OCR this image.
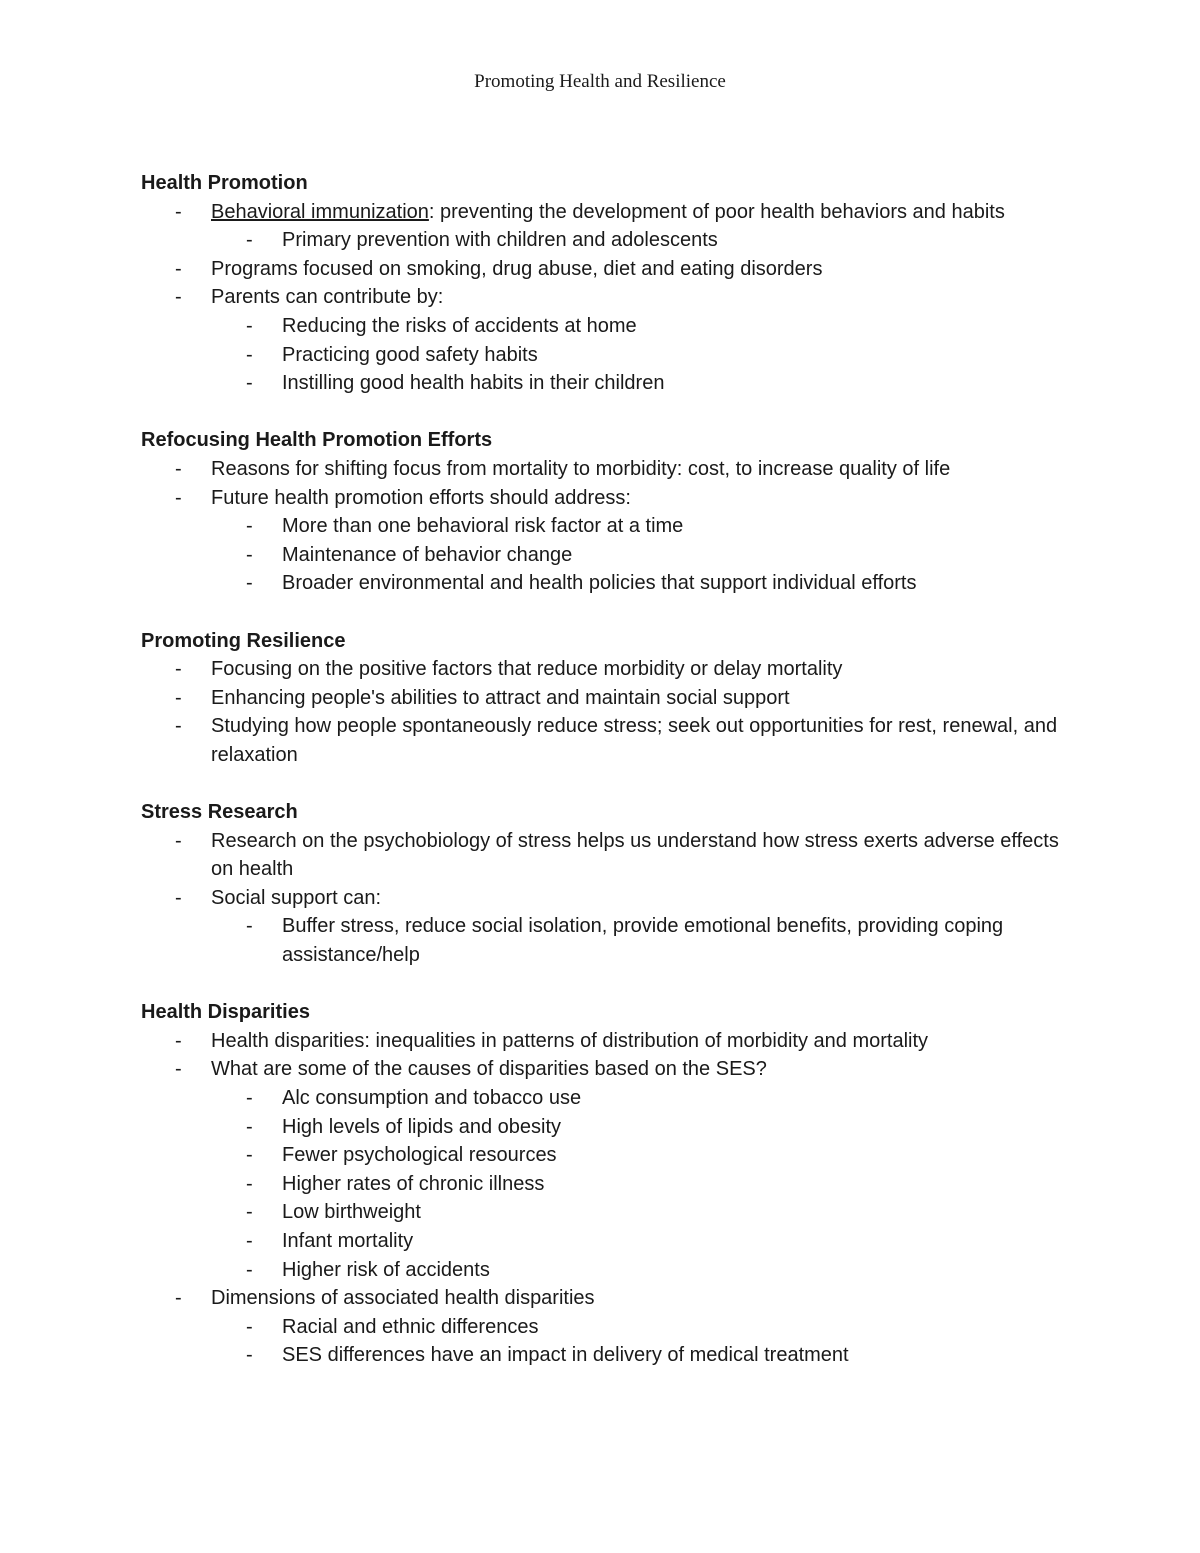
Promoting Health and Resilience

Health Promotion

- Behavioral immunization: preventing the development of poor health behaviors and habits
- Primary prevention with children and adolescents
- Programs focused on smoking, drug abuse, diet and eating disorders
- Parents can contribute by:
- Reducing the risks of accidents at home
- Practicing good safety habits
- Instilling good health habits in their children

Refocusing Health Promotion Efforts

- Reasons for shifting focus from mortality to morbidity: cost, to increase quality of life
- Future health promotion efforts should address:
- More than one behavioral risk factor at a time
- Maintenance of behavior change
- Broader environmental and health policies that support individual efforts

Promoting Resilience

- Focusing on the positive factors that reduce morbidity or delay mortality
- Enhancing people's abilities to attract and maintain social support
- Studying how people spontaneously reduce stress; seek out opportunities for rest, renewal, and relaxation

Stress Research

- Research on the psychobiology of stress helps us understand how stress exerts adverse effects on health
- Social support can:
- Buffer stress, reduce social isolation, provide emotional benefits, providing coping assistance/help

Health Disparities

- Health disparities: inequalities in patterns of distribution of morbidity and mortality
- What are some of the causes of disparities based on the SES?
- Alc consumption and tobacco use
- High levels of lipids and obesity
- Fewer psychological resources
- Higher rates of chronic illness
- Low birthweight
- Infant mortality
- Higher risk of accidents
- Dimensions of associated health disparities
- Racial and ethnic differences
- SES differences have an impact in delivery of medical treatment
